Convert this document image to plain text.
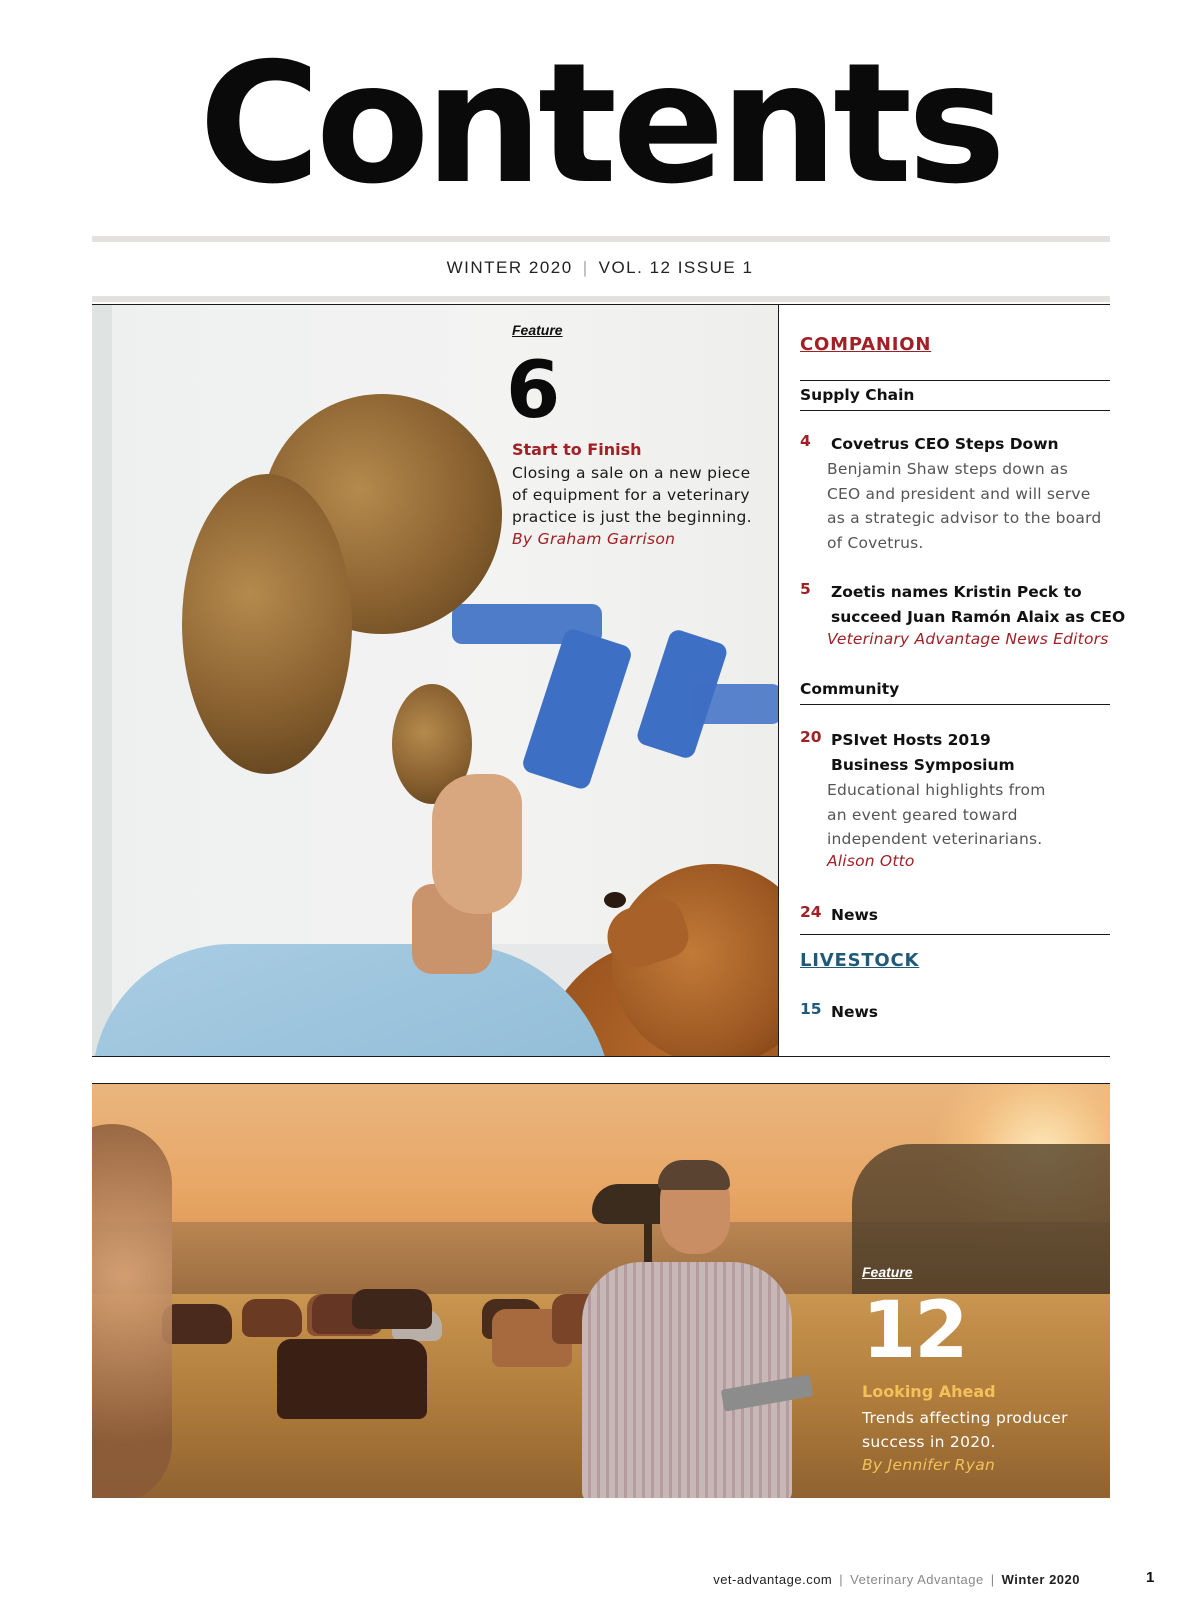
Contents
WINTER 2020 | VOL. 12 ISSUE 1
Feature
6
Start to Finish
Closing a sale on a new piece
of equipment for a veterinary
practice is just the beginning.
By Graham Garrison
COMPANION
Supply Chain
4 Covetrus CEO Steps Down
Benjamin Shaw steps down as
CEO and president and will serve
as a strategic advisor to the board
of Covetrus.
5 Zoetis names Kristin Peck to
succeed Juan Ramón Alaix as CEO
Veterinary Advantage News Editors
Community
20 PSIvet Hosts 2019
Business Symposium
Educational highlights from
an event geared toward
independent veterinarians.
Alison Otto
24 News
LIVESTOCK
15 News
Feature
12
Looking Ahead
Trends affecting producer
success in 2020.
By Jennifer Ryan
vet-advantage.com | Veterinary Advantage | Winter 2020	1
